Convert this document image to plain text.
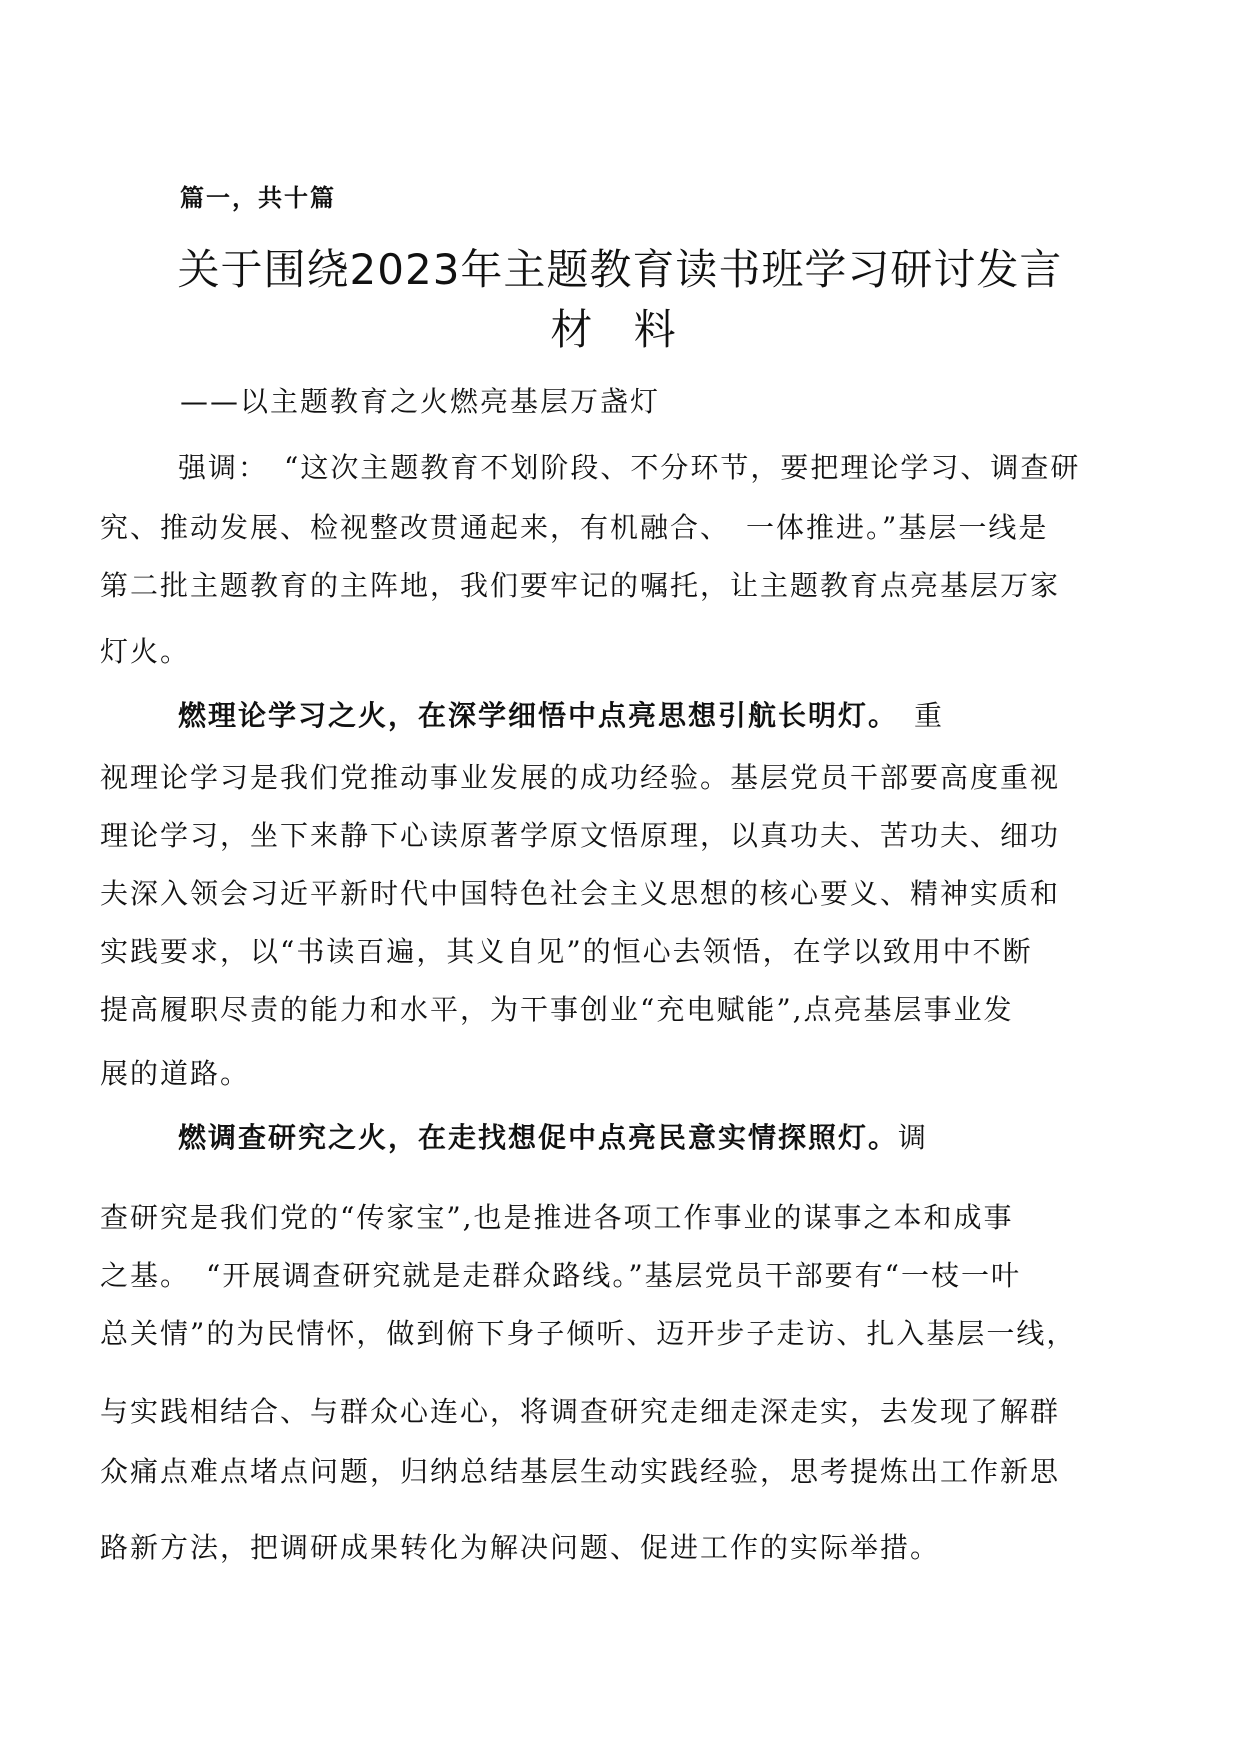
篇一，共十篇
关于围绕2023年主题教育读书班学习研讨发言
材 料
——以主题教育之火燃亮基层万盏灯
强调：　“这次主题教育不划阶段、不分环节，要把理论学习、调查研
究、推动发展、检视整改贯通起来，有机融合、　一体推进。”基层一线是
第二批主题教育的主阵地，我们要牢记的嘱托，让主题教育点亮基层万家
灯火。
燃理论学习之火，在深学细悟中点亮思想引航长明灯。　重
视理论学习是我们党推动事业发展的成功经验。基层党员干部要高度重视
理论学习，坐下来静下心读原著学原文悟原理，以真功夫、苦功夫、细功
夫深入领会习近平新时代中国特色社会主义思想的核心要义、精神实质和
实践要求，以“书读百遍，其义自见”的恒心去领悟，在学以致用中不断
提高履职尽责的能力和水平，为干事创业“充电赋能”,点亮基层事业发
展的道路。
燃调查研究之火，在走找想促中点亮民意实情探照灯。调
查研究是我们党的“传家宝”,也是推进各项工作事业的谋事之本和成事
之基。　“开展调查研究就是走群众路线。”基层党员干部要有“一枝一叶
总关情”的为民情怀，做到俯下身子倾听、迈开步子走访、扎入基层一线，
与实践相结合、与群众心连心，将调查研究走细走深走实，去发现了解群
众痛点难点堵点问题，归纳总结基层生动实践经验，思考提炼出工作新思
路新方法，把调研成果转化为解决问题、促进工作的实际举措。
